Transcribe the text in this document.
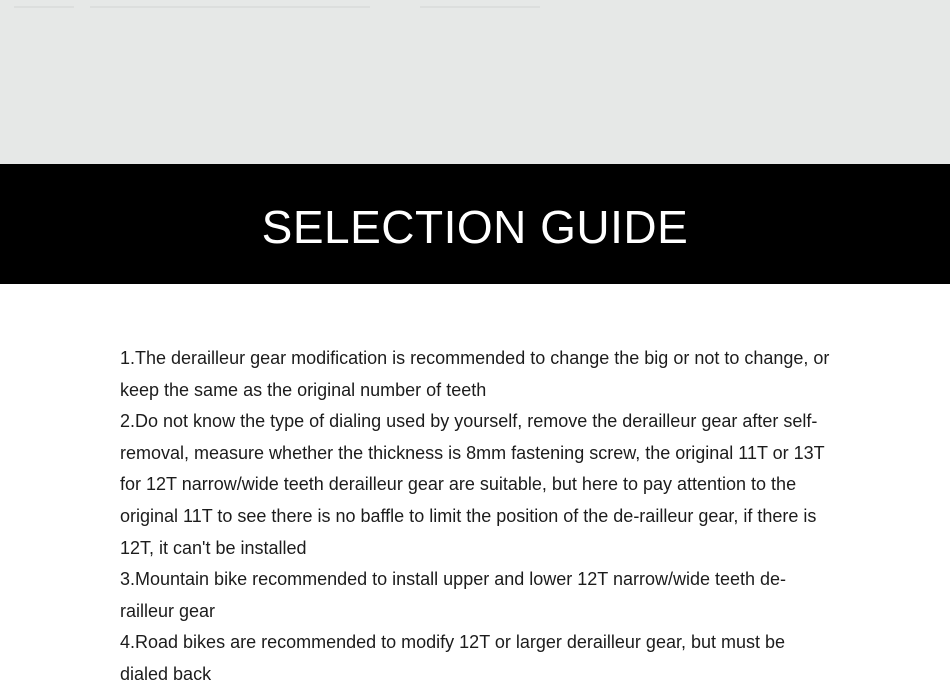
SELECTION GUIDE
1.The derailleur gear modification is recommended to change the big or not to change, or keep the same as the original number of teeth
2.Do not know the type of dialing used by yourself, remove the derailleur gear after self-removal, measure whether the thickness is 8mm fastening screw, the original 11T or 13T for 12T narrow/wide teeth derailleur gear are suitable, but here to pay attention to the original 11T to see there is no baffle to limit the position of the de-railleur gear, if there is 12T, it can't be installed
3.Mountain bike recommended to install upper and lower 12T narrow/wide teeth de-railleur gear
4.Road bikes are recommended to modify 12T or larger derailleur gear, but must be dialed back
